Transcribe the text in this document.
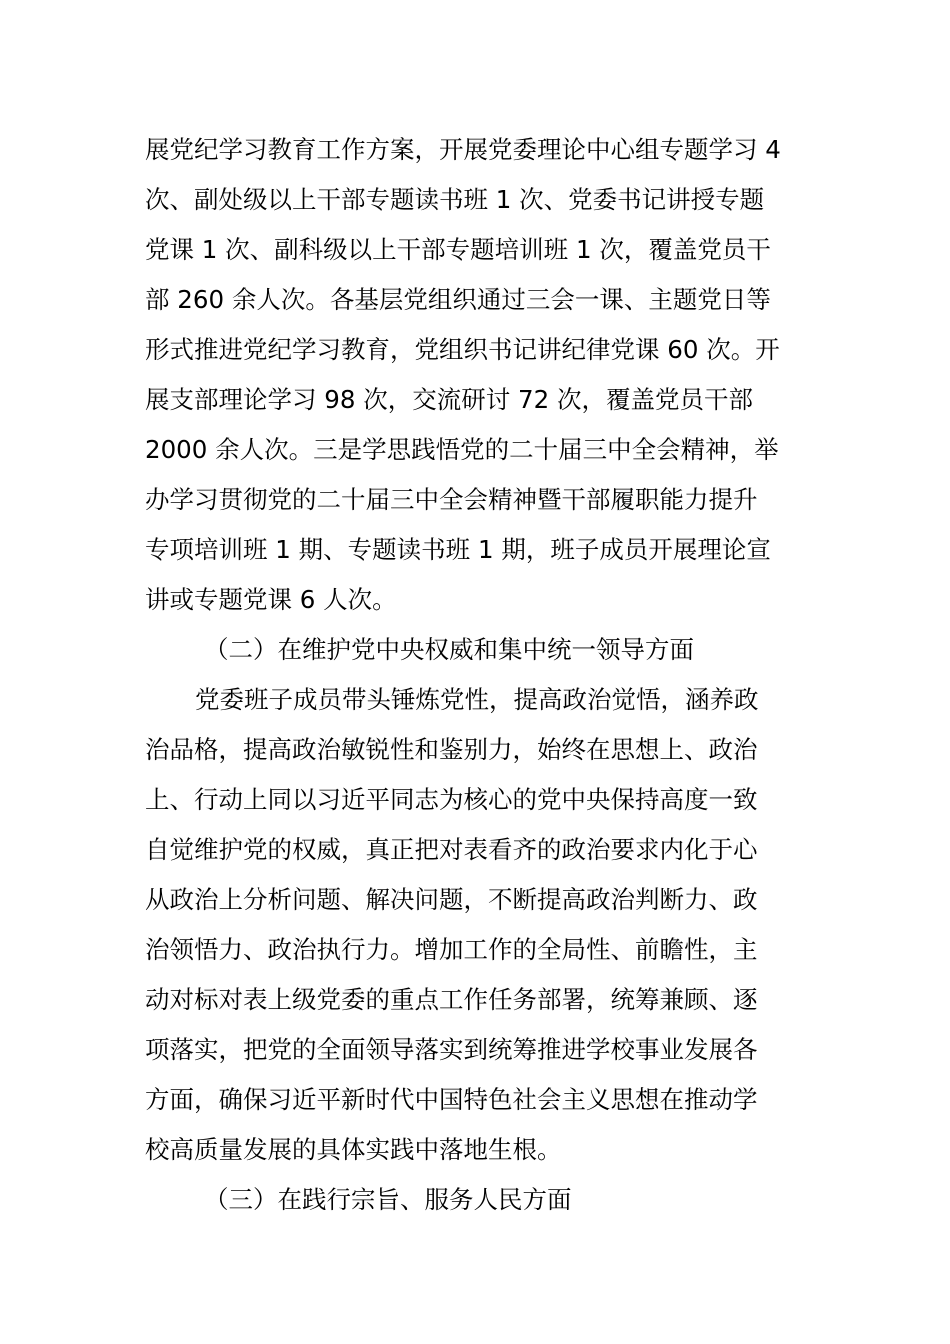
展党纪学习教育工作方案，开展党委理论中心组专题学习 4
次、副处级以上干部专题读书班 1 次、党委书记讲授专题
党课 1 次、副科级以上干部专题培训班 1 次，覆盖党员干
部 260 余人次。各基层党组织通过三会一课、主题党日等
形式推进党纪学习教育，党组织书记讲纪律党课 60 次。开
展支部理论学习 98 次，交流研讨 72 次，覆盖党员干部
2000 余人次。三是学思践悟党的二十届三中全会精神，举
办学习贯彻党的二十届三中全会精神暨干部履职能力提升
专项培训班 1 期、专题读书班 1 期，班子成员开展理论宣
讲或专题党课 6 人次。
（二）在维护党中央权威和集中统一领导方面
党委班子成员带头锤炼党性，提高政治觉悟，涵养政
治品格，提高政治敏锐性和鉴别力，始终在思想上、政治
上、行动上同以习近平同志为核心的党中央保持高度一致
自觉维护党的权威，真正把对表看齐的政治要求内化于心
从政治上分析问题、解决问题，不断提高政治判断力、政
治领悟力、政治执行力。增加工作的全局性、前瞻性，主
动对标对表上级党委的重点工作任务部署，统筹兼顾、逐
项落实，把党的全面领导落实到统筹推进学校事业发展各
方面，确保习近平新时代中国特色社会主义思想在推动学
校高质量发展的具体实践中落地生根。
（三）在践行宗旨、服务人民方面
